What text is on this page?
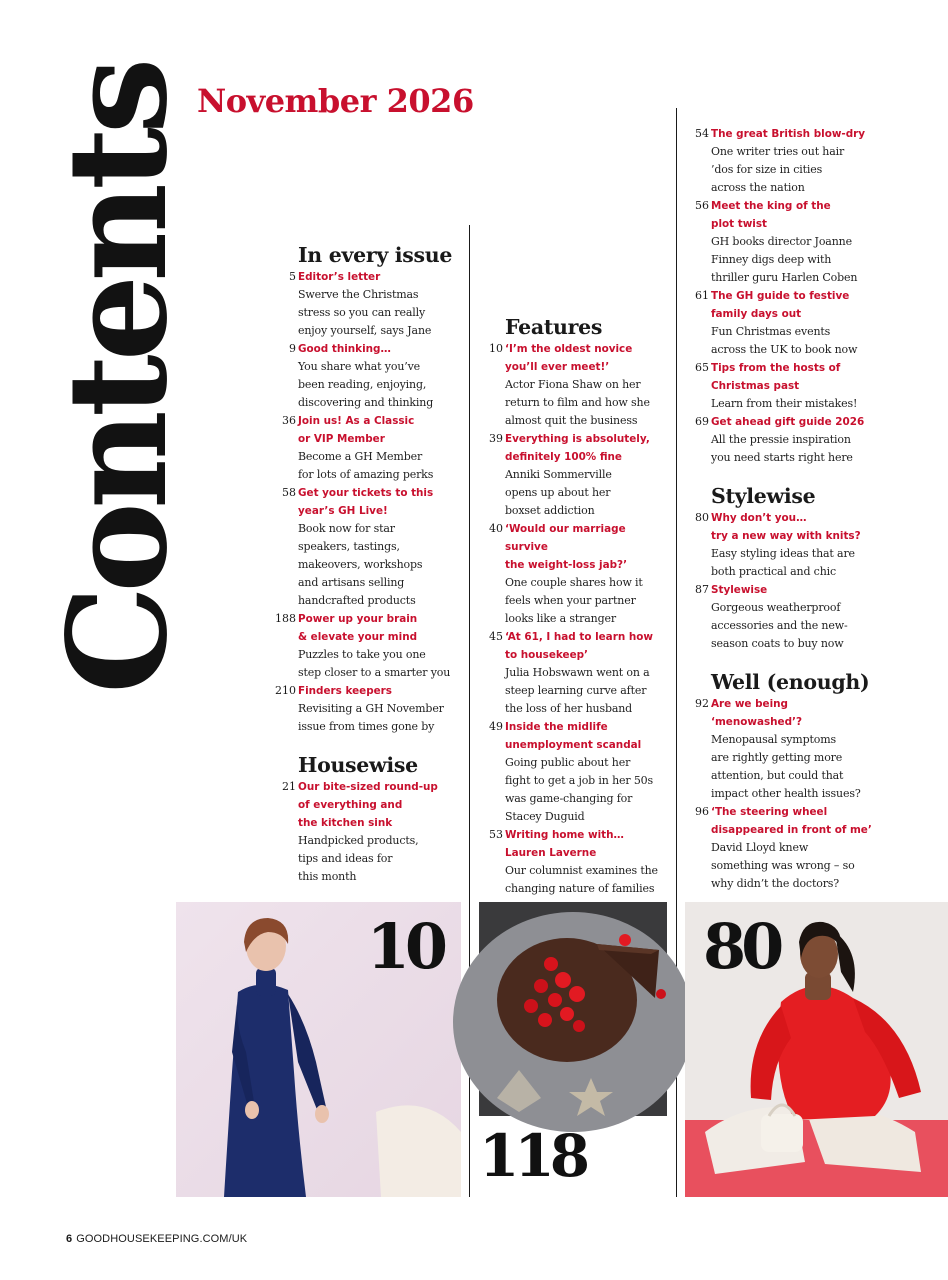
Contents November 2026
In every issue
5 Editor’s letter
Swerve the Christmas
stress so you can really
enjoy yourself, says Jane
9 Good thinking…
You share what you’ve
been reading, enjoying,
discovering and thinking
36 Join us! As a Classic
or VIP Member
Become a GH Member
for lots of amazing perks
58 Get your tickets to this
year’s GH Live!
Book now for star
speakers, tastings,
makeovers, workshops
and artisans selling
handcrafted products
188 Power up your brain
& elevate your mind
Puzzles to take you one
step closer to a smarter you
210 Finders keepers
Revisiting a GH November
issue from times gone by
Housewise
21 Our bite-sized round-up
of everything and
the kitchen sink
Handpicked products,
tips and ideas for
this month
Features
10 ‘I’m the oldest novice
you’ll ever meet!’
Actor Fiona Shaw on her
return to film and how she
almost quit the business
39 Everything is absolutely,
definitely 100% fine
Anniki Sommerville
opens up about her
boxset addiction
40 ‘Would our marriage survive
the weight-loss jab?’
One couple shares how it
feels when your partner
looks like a stranger
45 ‘At 61, I had to learn how
to housekeep’
Julia Hobswawn went on a
steep learning curve after
the loss of her husband
49 Inside the midlife
unemployment scandal
Going public about her
fight to get a job in her 50s
was game-changing for
Stacey Duguid
53 Writing home with…
Lauren Laverne
Our columnist examines the
changing nature of families
54 The great British blow-dry
One writer tries out hair
’dos for size in cities
across the nation
56 Meet the king of the
plot twist
GH books director Joanne
Finney digs deep with
thriller guru Harlen Coben
61 The GH guide to festive
family days out
Fun Christmas events
across the UK to book now
65 Tips from the hosts of
Christmas past
Learn from their mistakes!
69 Get ahead gift guide 2026
All the pressie inspiration
you need starts right here
Stylewise
80 Why don’t you…
try a new way with knits?
Easy styling ideas that are
both practical and chic
87 Stylewise
Gorgeous weatherproof
accessories and the new-
season coats to buy now
Well (enough)
92 Are we being
‘menowashed’?
Menopausal symptoms
are rightly getting more
attention, but could that
impact other health issues?
96 ‘The steering wheel
disappeared in front of me’
David Lloyd knew
something was wrong – so
why didn’t the doctors?
10
118
80
6 GOODHOUSEKEEPING.COM/UK
